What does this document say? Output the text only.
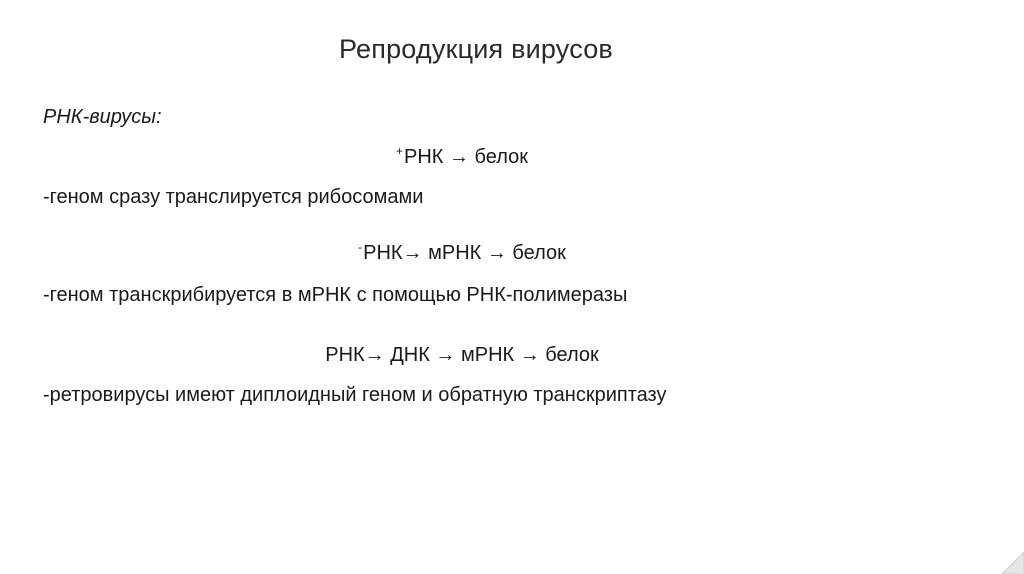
Репродукция вирусов
РНК-вирусы:
+РНК → белок
-геном сразу транслируется рибосомами
-РНК→ мРНК → белок
-геном транскрибируется в мРНК с помощью РНК-полимеразы
РНК→ ДНК → мРНК → белок
-ретровирусы имеют диплоидный геном и обратную транскриптазу
